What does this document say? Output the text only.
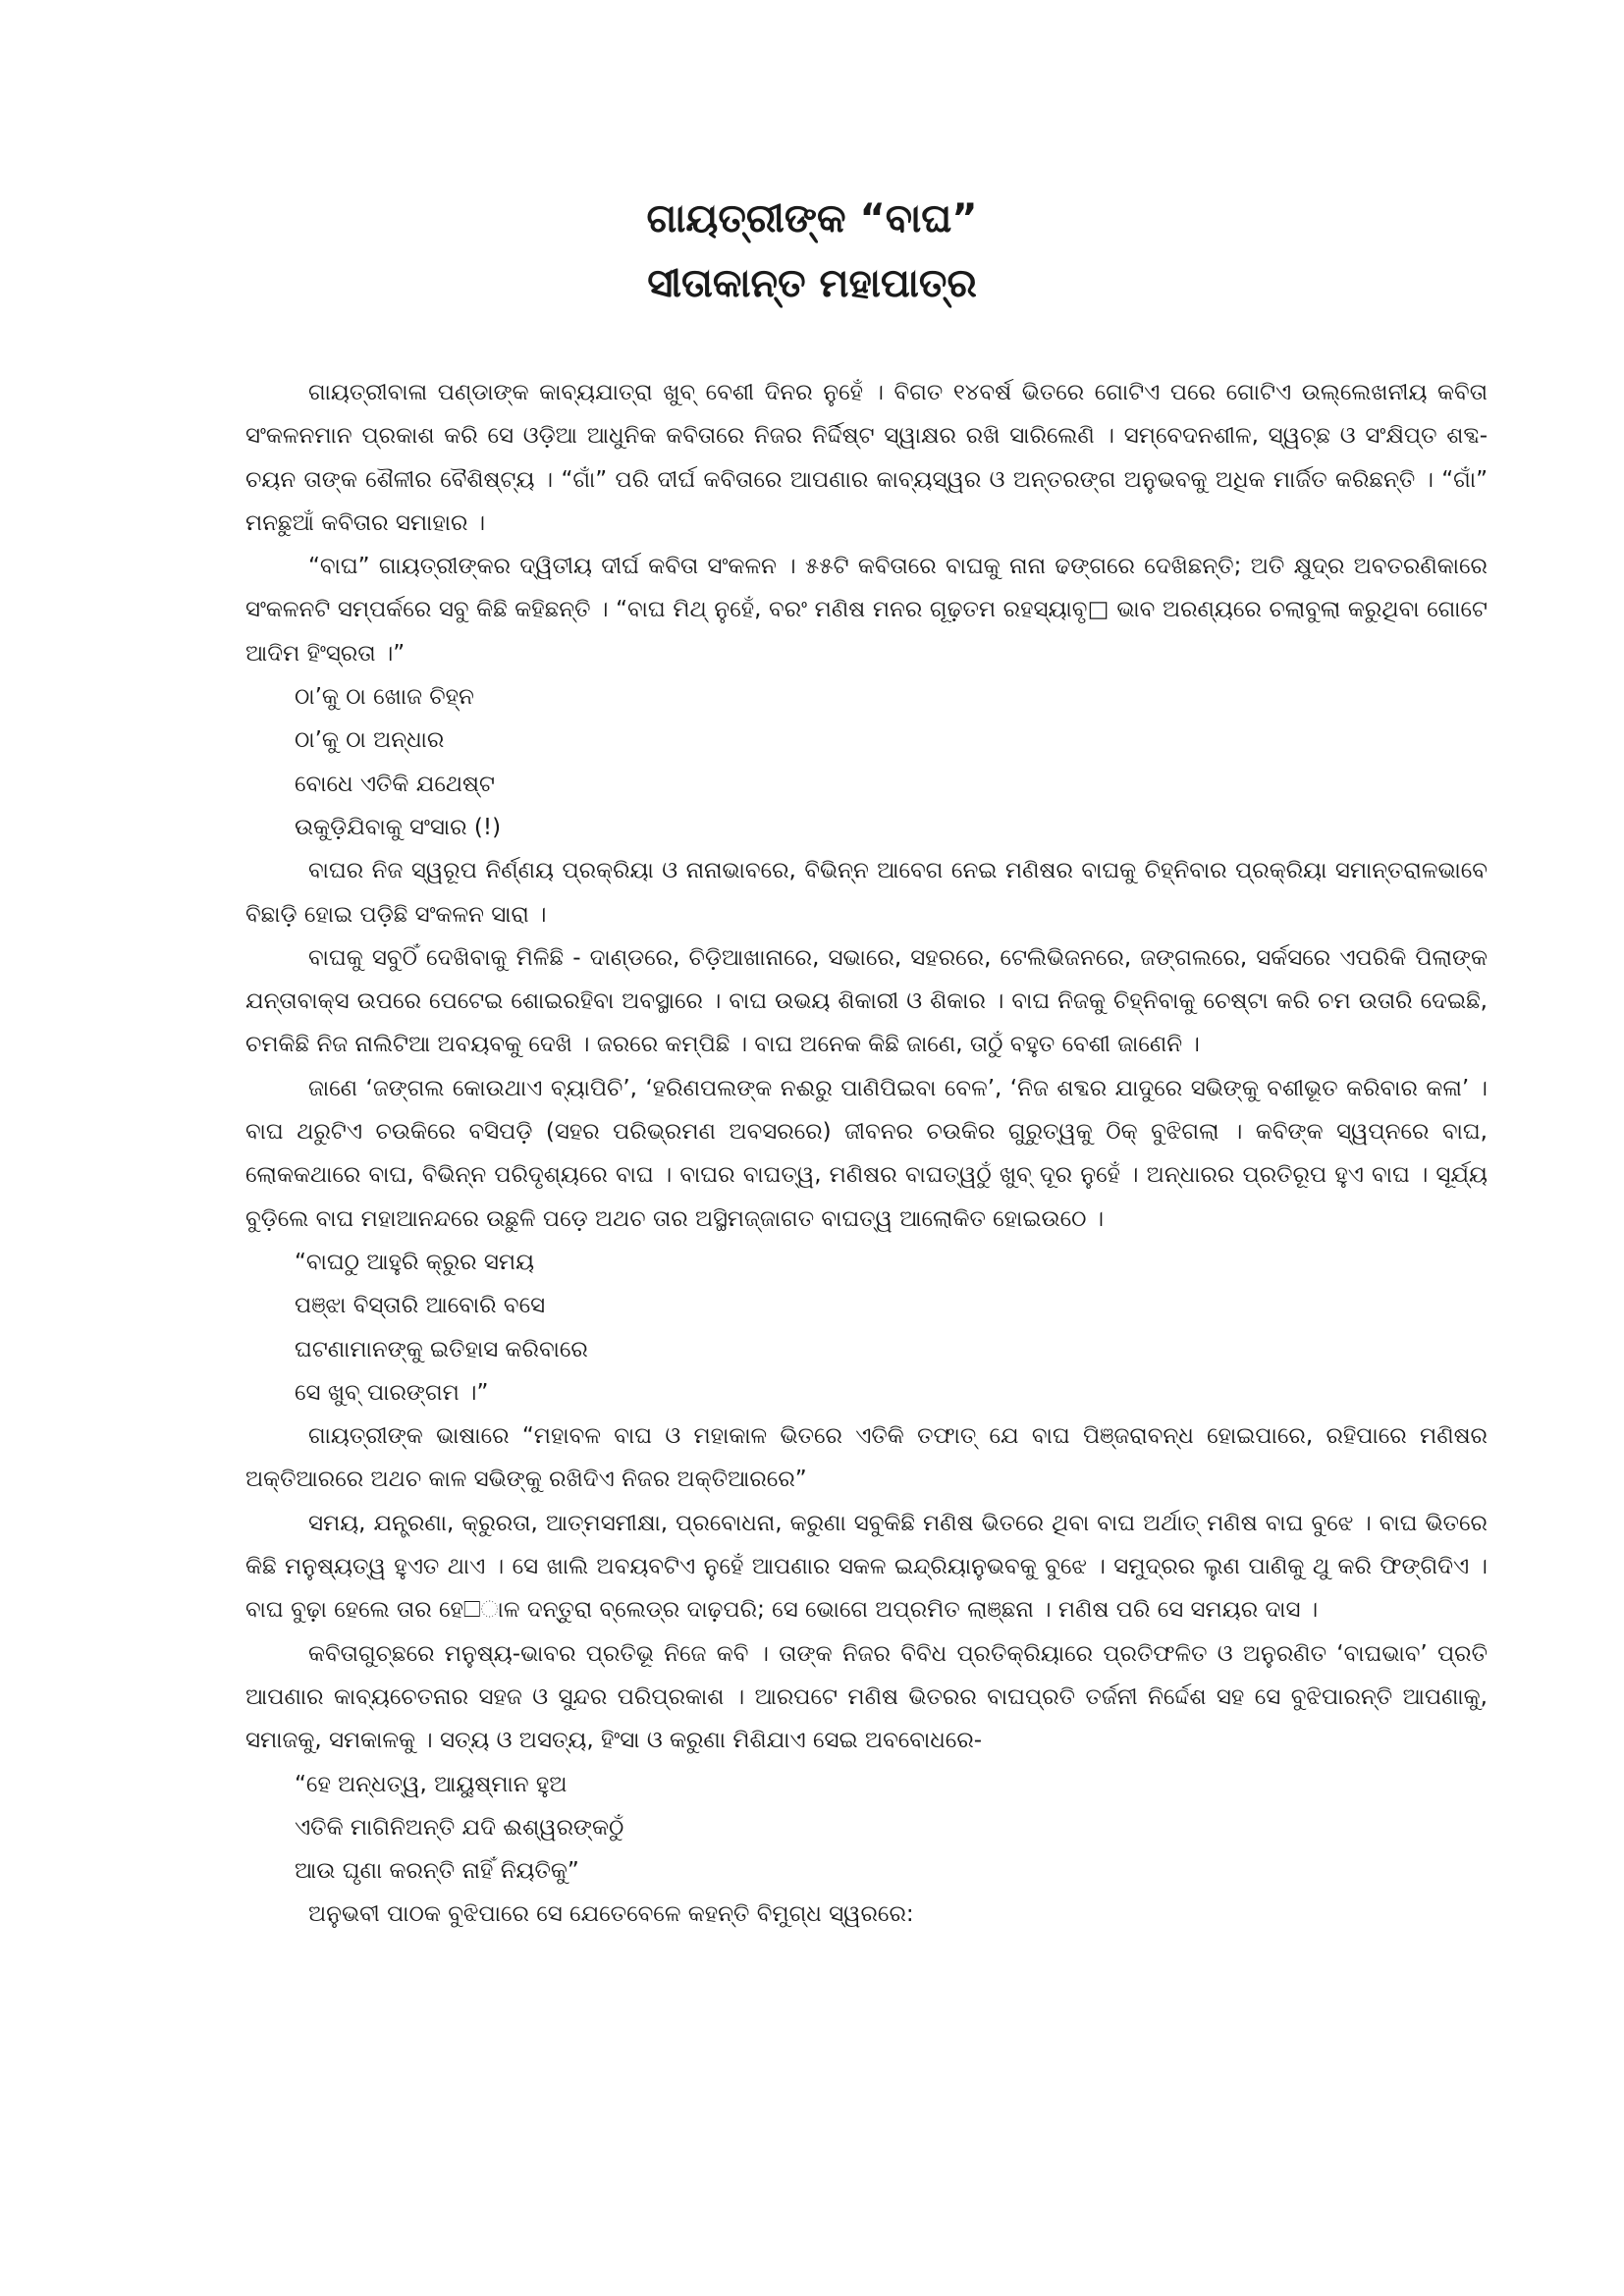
ଗାୟତ୍ରୀଙ୍କ “ବାଘ”

ସୀତାକାନ୍ତ ମହାପାତ୍ର

ଗାୟତ୍ରୀବାଳା ପଣ୍ଡାଙ୍କ କାବ୍ୟଯାତ୍ରା ଖୁବ୍ ବେଶୀ ଦିନର ନୁହେଁ । ବିଗତ ୧୪ବର୍ଷ ଭିତରେ ଗୋଟିଏ ପରେ ଗୋଟିଏ ଉଲ୍ଲେଖନୀୟ କବିତା ସଂକଳନମାନ ପ୍ରକାଶ କରି ସେ ଓଡ଼ିଆ ଆଧୁନିକ କବିତାରେ ନିଜର ନିର୍ଦ୍ଦିଷ୍ଟ ସ୍ୱାକ୍ଷର ରଖି ସାରିଲେଣି । ସମ୍ବେଦନଶୀଳ, ସ୍ୱଚ୍ଛ ଓ ସଂକ୍ଷିପ୍ତ ଶବ୍ଦ-ଚୟନ ତାଙ୍କ ଶୈଳୀର ବୈଶିଷ୍ଟ୍ୟ । “ଗାଁ” ପରି ଦୀର୍ଘ କବିତାରେ ଆପଣାର କାବ୍ୟସ୍ୱର ଓ ଅନ୍ତରଙ୍ଗ ଅନୁଭବକୁ ଅଧିକ ମାର୍ଜିତ କରିଛନ୍ତି । “ଗାଁ” ମନଛୁଆଁ କବିତାର ସମାହାର ।

“ବାଘ” ଗାୟତ୍ରୀଙ୍କର ଦ୍ୱିତୀୟ ଦୀର୍ଘ କବିତା ସଂକଳନ । ୫୫ଟି କବିତାରେ ବାଘକୁ ନାନା ଢଙ୍ଗରେ ଦେଖିଛନ୍ତି; ଅତି କ୍ଷୁଦ୍ର ଅବତରଣିକାରେ ସଂକଳନଟି ସମ୍ପର୍କରେ ସବୁ କିଛି କହିଛନ୍ତି । “ବାଘ ମିଥ୍ ନୁହେଁ, ବରଂ ମଣିଷ ମନର ଗୂଢ଼ତମ ରହସ୍ୟାବୃ□ ଭାବ ଅରଣ୍ୟରେ ଚଲାବୁଲା କରୁଥିବା ଗୋଟେ ଆଦିମ ହିଂସ୍ରତା ।”

ଠା’କୁ ଠା ଖୋଜ ଚିହ୍ନ

ଠା’କୁ ଠା ଅନ୍ଧାର

ବୋଧେ ଏତିକି ଯଥେଷ୍ଟ

ଉକୁଡ଼ିଯିବାକୁ ସଂସାର (!)

ବାଘର ନିଜ ସ୍ୱରୂପ ନିର୍ଣ୍ଣୟ ପ୍ରକ୍ରିୟା ଓ ନାନାଭାବରେ, ବିଭିନ୍ନ ଆବେଗ ନେଇ ମଣିଷର ବାଘକୁ ଚିହ୍ନିବାର ପ୍ରକ୍ରିୟା ସମାନ୍ତରାଳଭାବେ ବିଛାଡ଼ି ହୋଇ ପଡ଼ିଛି ସଂକଳନ ସାରା ।

ବାଘକୁ ସବୁଠିଁ ଦେଖିବାକୁ ମିଳିଛି - ଦାଣ୍ଡରେ, ଚିଡ଼ିଆଖାନାରେ, ସଭାରେ, ସହରରେ, ଟେଲିଭିଜନରେ, ଜଙ୍ଗଲରେ, ସର୍କସରେ ଏପରିକି ପିଲାଙ୍କ ଯନ୍ତାବାକ୍ସ ଉପରେ ପେଟେଇ ଶୋଇରହିବା ଅବସ୍ଥାରେ । ବାଘ ଉଭୟ ଶିକାରୀ ଓ ଶିକାର । ବାଘ ନିଜକୁ ଚିହ୍ନିବାକୁ ଚେଷ୍ଟା କରି ଚମ ଉତାରି ଦେଇଛି, ଚମକିଛି ନିଜ ନାଲିଟିଆ ଅବୟବକୁ ଦେଖି । ଜରରେ କମ୍ପିଛି । ବାଘ ଅନେକ କିଛି ଜାଣେ, ତାଠୁଁ ବହୁତ ବେଶୀ ଜାଣେନି ।

ଜାଣେ ‘ଜଙ୍ଗଲ କୋଉଥାଏ ବ୍ୟାପିଚି’, ‘ହରିଣପଲଙ୍କ ନଈରୁ ପାଣିପିଇବା ବେଳ’, ‘ନିଜ ଶବ୍ଦର ଯାଦୁରେ ସଭିଙ୍କୁ ବଶୀଭୂତ କରିବାର କଳା’ । ବାଘ ଥରୁଟିଏ ଚଉକିରେ ବସିପଡ଼ି (ସହର ପରିଭ୍ରମଣ ଅବସରରେ) ଜୀବନର ଚଉକିର ଗୁରୁତ୍ୱକୁ ଠିକ୍ ବୁଝିଗଲା । କବିଙ୍କ ସ୍ୱପ୍ନରେ ବାଘ, ଲୋକକଥାରେ ବାଘ, ବିଭିନ୍ନ ପରିଦୃଶ୍ୟରେ ବାଘ । ବାଘର ବାଘତ୍ୱ, ମଣିଷର ବାଘତ୍ୱଠୁଁ ଖୁବ୍ ଦୂର ନୁହେଁ । ଅନ୍ଧାରର ପ୍ରତିରୂପ ହୁଏ ବାଘ । ସୂର୍ଯ୍ୟ ବୁଡ଼ିଲେ ବାଘ ମହାଆନନ୍ଦରେ ଉଛୁଳି ପଡ଼େ ଅଥଚ ତାର ଅସ୍ଥିମଜ୍ଜାଗତ ବାଘତ୍ୱ ଆଲୋକିତ ହୋଇଉଠେ ।

“ବାଘଠୁ ଆହୁରି କ୍ରୁର ସମୟ

ପଞ୍ଝା ବିସ୍ତାରି ଆବୋରି ବସେ

ଘଟଣାମାନଙ୍କୁ ଇତିହାସ କରିବାରେ

ସେ ଖୁବ୍ ପାରଙ୍ଗମ ।”

ଗାୟତ୍ରୀଙ୍କ ଭାଷାରେ “ମହାବଳ ବାଘ ଓ ମହାକାଳ ଭିତରେ ଏତିକି ତଫାତ୍ ଯେ ବାଘ ପିଞ୍ଜରାବନ୍ଧ ହୋଇପାରେ, ରହିପାରେ ମଣିଷର ଅକ୍ତିଆରରେ ଅଥଚ କାଳ ସଭିଙ୍କୁ ରଖିଦିଏ ନିଜର ଅକ୍ତିଆରରେ”

ସମୟ, ଯନ୍ତ୍ରଣା, କ୍ରୁରତା, ଆତ୍ମସମୀକ୍ଷା, ପ୍ରବୋଧନା, କରୁଣା ସବୁକିଛି ମଣିଷ ଭିତରେ ଥିବା ବାଘ ଅର୍ଥାତ୍ ମଣିଷ ବାଘ ବୁଝେ । ବାଘ ଭିତରେ କିଛି ମନୁଷ୍ୟତ୍ୱ ହୁଏତ ଥାଏ । ସେ ଖାଲି ଅବୟବଟିଏ ନୁହେଁ ଆପଣାର ସକଳ ଇନ୍ଦ୍ରିୟାନୁଭବକୁ ବୁଝେ । ସମୁଦ୍ରର ଲୁଣ ପାଣିକୁ ଥୁ କରି ଫିଙ୍ଗିଦିଏ । ବାଘ ବୁଢ଼ା ହେଲେ ତାର ହେ□ାଳ ଦନ୍ତୁରା ବ୍ଲେଡ୍‌ର ଦାଢ଼ପରି; ସେ ଭୋଗେ ଅପ୍ରମିତ ଲାଞ୍ଛନା । ମଣିଷ ପରି ସେ ସମୟର ଦାସ ।

କବିତାଗୁଚ୍ଛରେ ମନୁଷ୍ୟ-ଭାବର ପ୍ରତିଭୂ ନିଜେ କବି । ତାଙ୍କ ନିଜର ବିବିଧ ପ୍ରତିକ୍ରିୟାରେ ପ୍ରତିଫଳିତ ଓ ଅନୁରଣିତ ‘ବାଘଭାବ’ ପ୍ରତି ଆପଣାର କାବ୍ୟଚେତନାର ସହଜ ଓ ସୁନ୍ଦର ପରିପ୍ରକାଶ । ଆରପଟେ ମଣିଷ ଭିତରର ବାଘପ୍ରତି ତର୍ଜନୀ ନିର୍ଦ୍ଦେଶ ସହ ସେ ବୁଝିପାରନ୍ତି ଆପଣାକୁ, ସମାଜକୁ, ସମକାଳକୁ । ସତ୍ୟ ଓ ଅସତ୍ୟ, ହିଂସା ଓ କରୁଣା ମିଶିଯାଏ ସେଇ ଅବବୋଧରେ-

“ହେ ଅନ୍ଧତ୍ୱ, ଆୟୁଷ୍ମାନ ହୁଅ

ଏତିକି ମାଗିନିଅନ୍ତି ଯଦି ଈଶ୍ୱରଙ୍କଠୁଁ

ଆଉ ଘୃଣା କରନ୍ତି ନାହିଁ ନିୟତିକୁ”

ଅନୁଭବୀ ପାଠକ ବୁଝିପାରେ ସେ ଯେତେବେଳେ କହନ୍ତି ବିମୁଗ୍ଧ ସ୍ୱରରେ:
